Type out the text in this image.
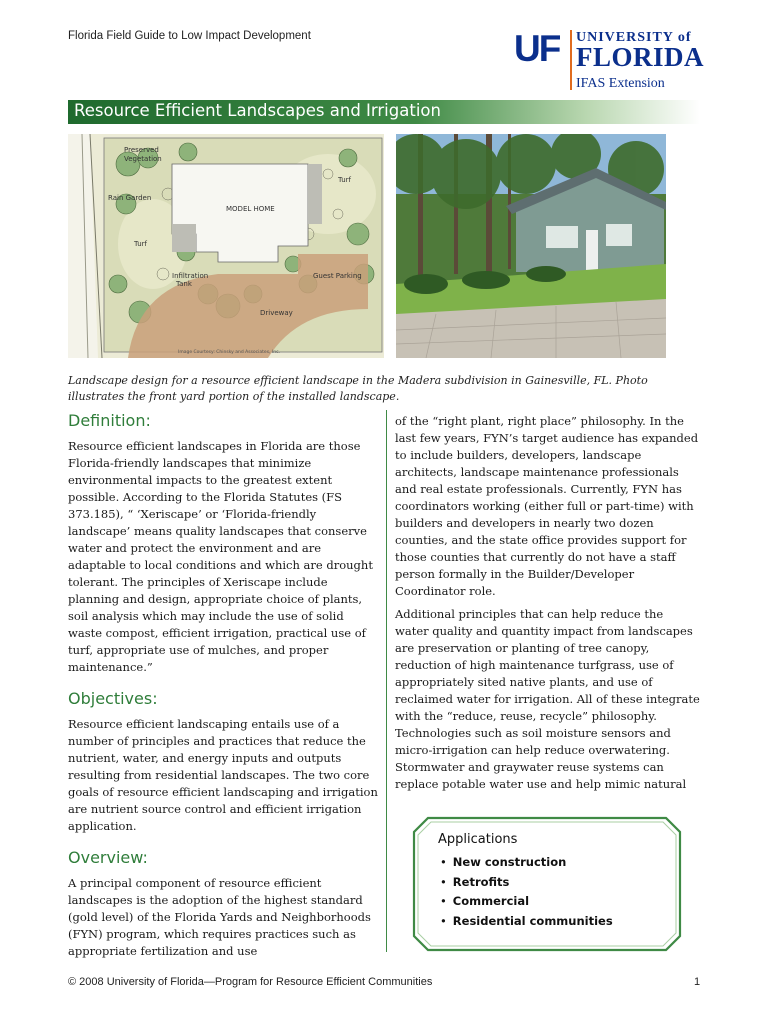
Florida Field Guide to Low Impact Development	UF UNIVERSITY of
FLORIDA
IFAS Extension
Resource Efficient Landscapes and Irrigation
Preserved
Vegetation
Turf
Rain Garden
MODEL HOME
Turf
Infiltration
Tank
Guest Parking
Driveway
Image Courtesy: Chinsky and Associates, Inc.
Landscape design for a resource efficient landscape in the Madera subdivision in Gainesville, FL. Photo illustrates the front yard portion of the installed landscape.
Definition:

Resource efficient landscapes in Florida are those Florida-friendly landscapes that minimize environmental impacts to the greatest extent possible. According to the Florida Statutes (FS 373.185), “ ‘Xeriscape’ or ‘Florida-friendly landscape’ means quality landscapes that conserve water and protect the environment and are adaptable to local conditions and which are drought tolerant. The principles of Xeriscape include planning and design, appropriate choice of plants, soil analysis which may include the use of solid waste compost, efficient irrigation, practical use of turf, appropriate use of mulches, and proper maintenance.”

Objectives:

Resource efficient landscaping entails use of a number of principles and practices that reduce the nutrient, water, and energy inputs and outputs resulting from residential landscapes. The two core goals of resource efficient landscaping and irrigation are nutrient source control and efficient irrigation application.

Overview:

A principal component of resource efficient landscapes is the adoption of the highest standard (gold level) of the Florida Yards and Neighborhoods (FYN) program, which requires practices such as appropriate fertilization and use

of the “right plant, right place” philosophy. In the last few years, FYN’s target audience has expanded to include builders, developers, landscape architects, landscape maintenance professionals and real estate professionals. Currently, FYN has coordinators working (either full or part-time) with builders and developers in nearly two dozen counties, and the state office provides support for those counties that currently do not have a staff person formally in the Builder/Developer Coordinator role.

Additional principles that can help reduce the water quality and quantity impact from landscapes are preservation or planting of tree canopy, reduction of high maintenance turfgrass, use of appropriately sited native plants, and use of reclaimed water for irrigation. All of these integrate with the “reduce, reuse, recycle” philosophy. Technologies such as soil moisture sensors and micro-irrigation can help reduce overwatering. Stormwater and graywater reuse systems can replace potable water use and help mimic natural

Applications
• New construction
• Retrofits
• Commercial
• Residential communities
© 2008 University of Florida—Program for Resource Efficient Communities	1
